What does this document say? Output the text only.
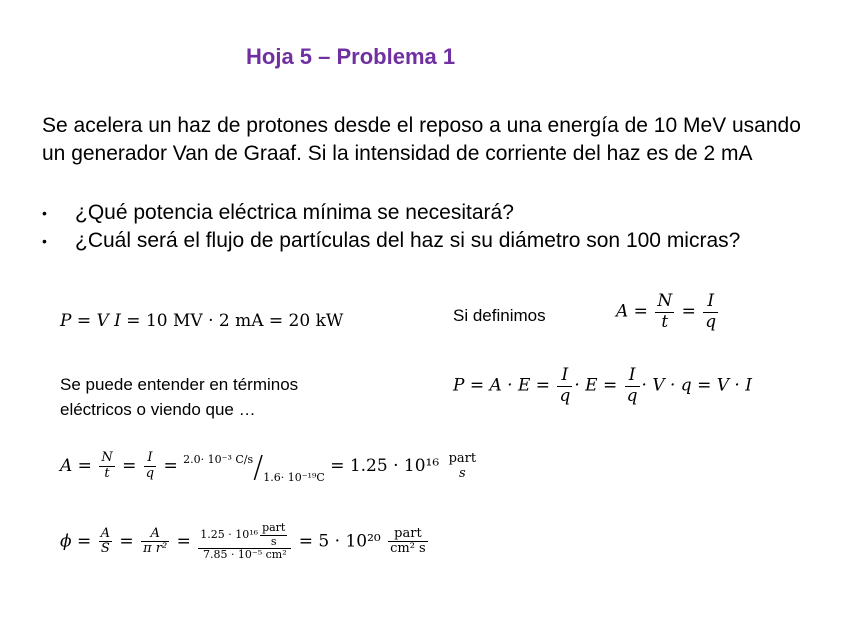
Hoja 5 – Problema 1
Se acelera un haz de protones desde el reposo a una energía de 10 MeV usando un generador Van de Graaf. Si la intensidad de corriente del haz es de 2 mA
• ¿Qué potencia eléctrica mínima se necesitará?
• ¿Cuál será el flujo de partículas del haz si su diámetro son 100 micras?
P = V I = 10 MV · 2 mA = 20 kW	Si definimos	$A = \frac{N}{t} = \frac{I}{q}$
Se puede entender en términos
eléctricos o viendo que …
$P = A \cdot E = \frac{I}{q} \cdot E = \frac{I}{q} \cdot V \cdot q = V \cdot I$
$A = \frac{N}{t} = \frac{I}{q} = ^{2.0\cdot 10^{-3} C/s}/_{1.6\cdot 10^{-19}C} = 1.25 \cdot 10^{16}$ part
s
$\phi = \frac{A}{S} = \frac{A}{\text{π r²}} = \frac{1.25 \cdot 10^{16} \frac{\text{part}}{s}}{\text{7.85 · 10⁻⁵ cm²}} = 5 \cdot 10^{20} \frac{\text{part}}{\text{cm² s}}$
